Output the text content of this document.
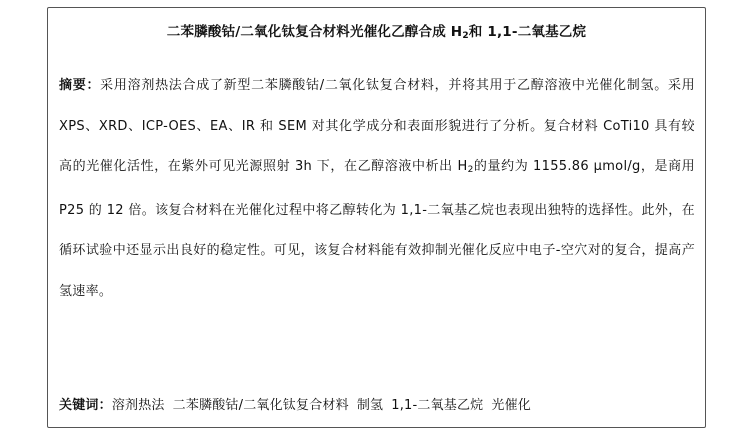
二苯膦酸钴/二氧化钛复合材料光催化乙醇合成 $H_2$和 1,1-二氧基乙烷
摘要：采用溶剂热法合成了新型二苯膦酸钴/二氧化钛复合材料，并将其用于乙醇溶液中光催化制氢。采用 XPS、XRD、ICP-OES、EA、IR 和 SEM 对其化学成分和表面形貌进行了分析。复合材料 CoTi10 具有较高的光催化活性，在紫外可见光源照射 3h 下，在乙醇溶液中析出 $H_2$的量约为 1155.86 μmol/g，是商用 P25 的 12 倍。该复合材料在光催化过程中将乙醇转化为 1,1-二氧基乙烷也表现出独特的选择性。此外，在循环试验中还显示出良好的稳定性。可见，该复合材料能有效抑制光催化反应中电子-空穴对的复合，提高产氢速率。
关键词：溶剂热法 二苯膦酸钴/二氧化钛复合材料 制氢 1,1-二氧基乙烷 光催化
